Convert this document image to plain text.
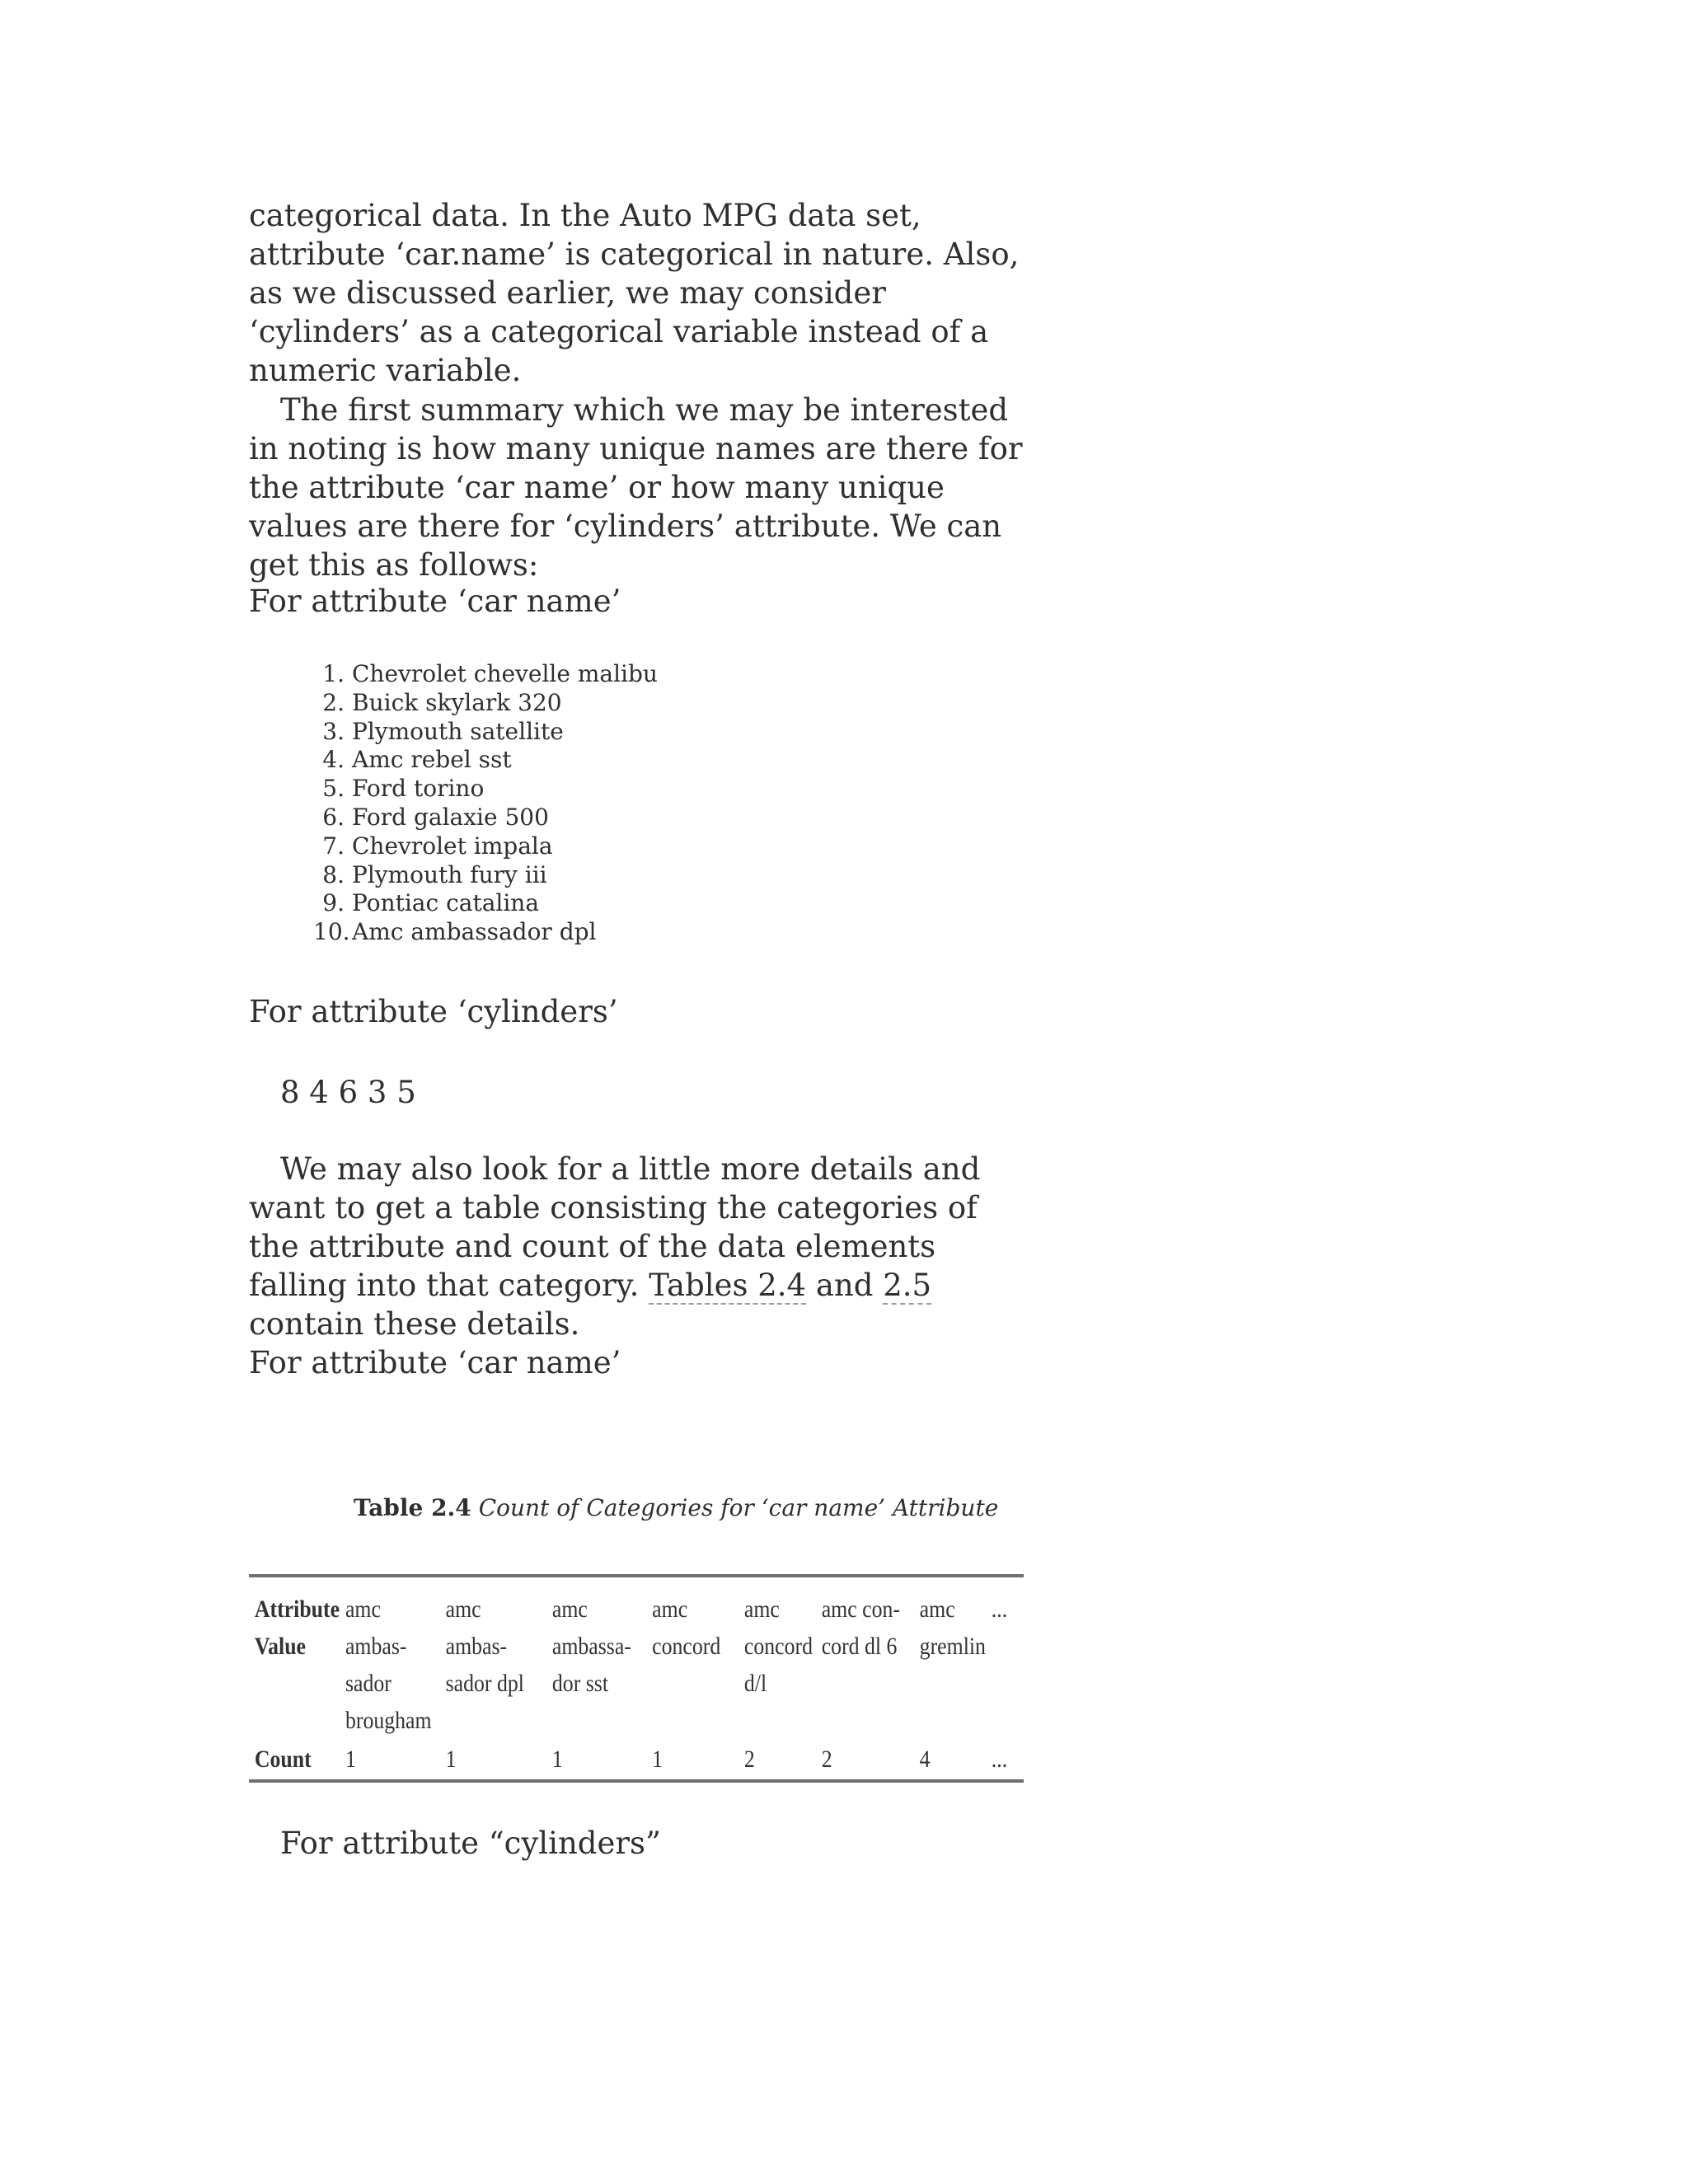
categorical data. In the Auto MPG data set, attribute ‘car.name’ is categorical in nature. Also, as we discussed earlier, we may consider ‘cylinders’ as a categorical variable instead of a numeric variable.

The first summary which we may be interested in noting is how many unique names are there for the attribute ‘car name’ or how many unique values are there for ‘cylinders’ attribute. We can get this as follows:

For attribute ‘car name’

1. Chevrolet chevelle malibu
2. Buick skylark 320
3. Plymouth satellite
4. Amc rebel sst
5. Ford torino
6. Ford galaxie 500
7. Chevrolet impala
8. Plymouth fury iii
9. Pontiac catalina
10. Amc ambassador dpl

For attribute ‘cylinders’

8 4 6 3 5

We may also look for a little more details and want to get a table consisting the categories of the attribute and count of the data elements falling into that category. Tables 2.4 and 2.5 contain these details.

For attribute ‘car name’

Table 2.4 Count of Categories for ‘car name’ Attribute

Attribute Value	amc ambas-sador brougham	amc ambas-sador dpl	amc ambassa-dor sst	amc concord	amc concord d/l	amc con-cord dl 6	amc gremlin	...
Count	1	1	1	1	2	2	4	...

For attribute “cylinders”
